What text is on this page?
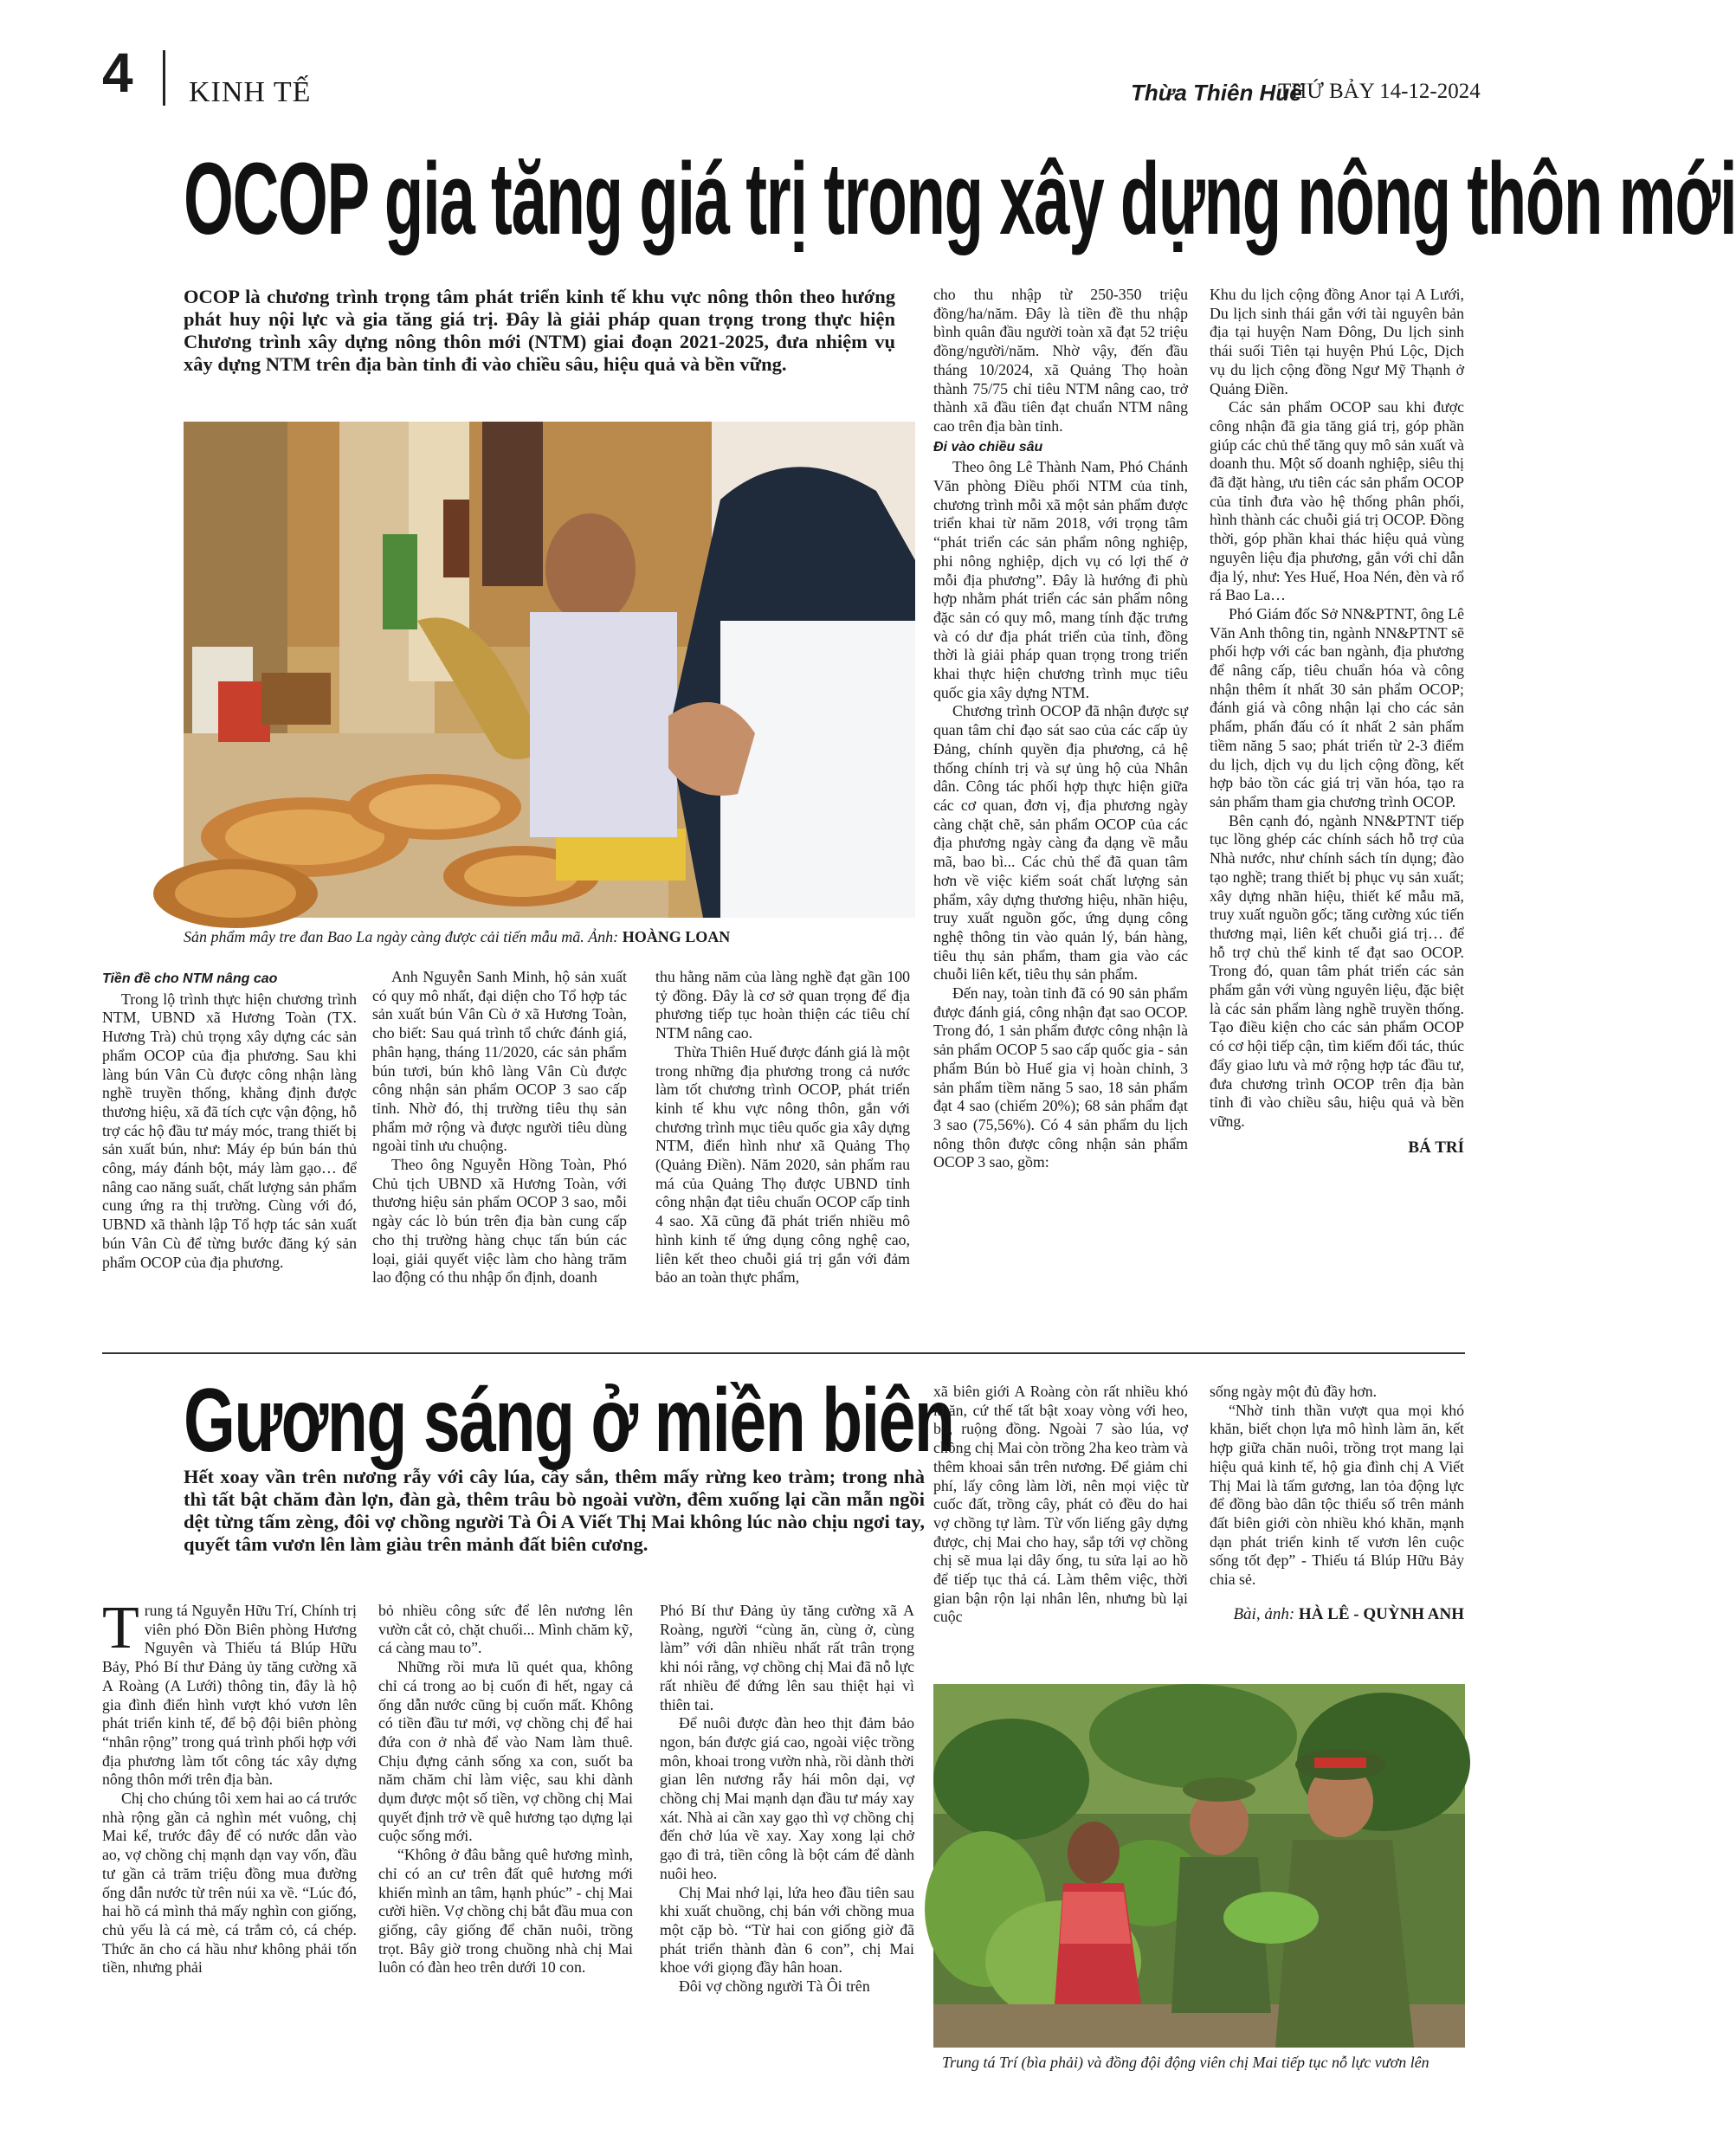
4 KINH TẾ	Thừa Thiên Huế
THỨ BẢY 14-12-2024
OCOP gia tăng giá trị trong xây dựng nông thôn mới
OCOP là chương trình trọng tâm phát triển kinh tế khu vực nông thôn theo hướng phát huy nội lực và gia tăng giá trị. Đây là giải pháp quan trọng trong thực hiện Chương trình xây dựng nông thôn mới (NTM) giai đoạn 2021-2025, đưa nhiệm vụ xây dựng NTM trên địa bàn tỉnh đi vào chiều sâu, hiệu quả và bền vững.
Sản phẩm mây tre đan Bao La ngày càng được cải tiến mẫu mã. Ảnh: HOÀNG LOAN
Tiền đề cho NTM nâng cao

Trong lộ trình thực hiện chương trình NTM, UBND xã Hương Toàn (TX. Hương Trà) chủ trọng xây dựng các sản phẩm OCOP của địa phương. Sau khi làng bún Vân Cù được công nhận làng nghề truyền thống, khẳng định được thương hiệu, xã đã tích cực vận động, hỗ trợ các hộ đầu tư máy móc, trang thiết bị sản xuất bún, như: Máy ép bún bán thủ công, máy đánh bột, máy làm gạo… để nâng cao năng suất, chất lượng sản phẩm cung ứng ra thị trường. Cùng với đó, UBND xã thành lập Tổ hợp tác sản xuất bún Vân Cù để từng bước đăng ký sản phẩm OCOP của địa phương.

Anh Nguyễn Sanh Minh, hộ sản xuất có quy mô nhất, đại diện cho Tổ hợp tác sản xuất bún Vân Cù ở xã Hương Toàn, cho biết: Sau quá trình tổ chức đánh giá, phân hạng, tháng 11/2020, các sản phẩm bún tươi, bún khô làng Vân Cù được công nhận sản phẩm OCOP 3 sao cấp tỉnh. Nhờ đó, thị trường tiêu thụ sản phẩm mở rộng và được người tiêu dùng ngoài tỉnh ưu chuộng.

Theo ông Nguyễn Hồng Toàn, Phó Chủ tịch UBND xã Hương Toàn, với thương hiệu sản phẩm OCOP 3 sao, mỗi ngày các lò bún trên địa bàn cung cấp cho thị trường hàng chục tấn bún các loại, giải quyết việc làm cho hàng trăm lao động có thu nhập ổn định, doanh

thu hằng năm của làng nghề đạt gần 100 tỷ đồng. Đây là cơ sở quan trọng để địa phương tiếp tục hoàn thiện các tiêu chí NTM nâng cao.

Thừa Thiên Huế được đánh giá là một trong những địa phương trong cả nước làm tốt chương trình OCOP, phát triển kinh tế khu vực nông thôn, gắn với chương trình mục tiêu quốc gia xây dựng NTM, điển hình như xã Quảng Thọ (Quảng Điền). Năm 2020, sản phẩm rau má của Quảng Thọ được UBND tỉnh công nhận đạt tiêu chuẩn OCOP cấp tỉnh 4 sao. Xã cũng đã phát triển nhiều mô hình kinh tế ứng dụng công nghệ cao, liên kết theo chuỗi giá trị gắn với đảm bảo an toàn thực phẩm,

cho thu nhập từ 250-350 triệu đồng/ha/năm. Đây là tiền đề thu nhập bình quân đầu người toàn xã đạt 52 triệu đồng/người/năm. Nhờ vậy, đến đầu tháng 10/2024, xã Quảng Thọ hoàn thành 75/75 chỉ tiêu NTM nâng cao, trở thành xã đầu tiên đạt chuẩn NTM nâng cao trên địa bàn tỉnh.

Đi vào chiều sâu

Theo ông Lê Thành Nam, Phó Chánh Văn phòng Điều phối NTM của tỉnh, chương trình mỗi xã một sản phẩm được triển khai từ năm 2018, với trọng tâm “phát triển các sản phẩm nông nghiệp, phi nông nghiệp, dịch vụ có lợi thế ở mỗi địa phương”. Đây là hướng đi phù hợp nhằm phát triển các sản phẩm nông đặc sản có quy mô, mang tính đặc trưng và có dư địa phát triển của tỉnh, đồng thời là giải pháp quan trọng trong triển khai thực hiện chương trình mục tiêu quốc gia xây dựng NTM.

Chương trình OCOP đã nhận được sự quan tâm chỉ đạo sát sao của các cấp ủy Đảng, chính quyền địa phương, cả hệ thống chính trị và sự ủng hộ của Nhân dân. Công tác phối hợp thực hiện giữa các cơ quan, đơn vị, địa phương ngày càng chặt chẽ, sản phẩm OCOP của các địa phương ngày càng đa dạng về mẫu mã, bao bì... Các chủ thể đã quan tâm hơn về việc kiểm soát chất lượng sản phẩm, xây dựng thương hiệu, nhãn hiệu, truy xuất nguồn gốc, ứng dụng công nghệ thông tin vào quản lý, bán hàng, tiêu thụ sản phẩm, tham gia vào các chuỗi liên kết, tiêu thụ sản phẩm.

Đến nay, toàn tỉnh đã có 90 sản phẩm được đánh giá, công nhận đạt sao OCOP. Trong đó, 1 sản phẩm được công nhận là sản phẩm OCOP 5 sao cấp quốc gia - sản phẩm Bún bò Huế gia vị hoàn chỉnh, 3 sản phẩm tiềm năng 5 sao, 18 sản phẩm đạt 4 sao (chiếm 20%); 68 sản phẩm đạt 3 sao (75,56%). Có 4 sản phẩm du lịch nông thôn được công nhận sản phẩm OCOP 3 sao, gồm:

Khu du lịch cộng đồng Anor tại A Lưới, Du lịch sinh thái gắn với tài nguyên bản địa tại huyện Nam Đông, Du lịch sinh thái suối Tiên tại huyện Phú Lộc, Dịch vụ du lịch cộng đồng Ngư Mỹ Thạnh ở Quảng Điền.

Các sản phẩm OCOP sau khi được công nhận đã gia tăng giá trị, góp phần giúp các chủ thể tăng quy mô sản xuất và doanh thu. Một số doanh nghiệp, siêu thị đã đặt hàng, ưu tiên các sản phẩm OCOP của tỉnh đưa vào hệ thống phân phối, hình thành các chuỗi giá trị OCOP. Đồng thời, góp phần khai thác hiệu quả vùng nguyên liệu địa phương, gắn với chỉ dẫn địa lý, như: Yes Huế, Hoa Nén, đèn và rổ rá Bao La…

Phó Giám đốc Sở NN&PTNT, ông Lê Văn Anh thông tin, ngành NN&PTNT sẽ phối hợp với các ban ngành, địa phương để nâng cấp, tiêu chuẩn hóa và công nhận thêm ít nhất 30 sản phẩm OCOP; đánh giá và công nhận lại cho các sản phẩm, phấn đấu có ít nhất 2 sản phẩm tiềm năng 5 sao; phát triển từ 2-3 điểm du lịch, dịch vụ du lịch cộng đồng, kết hợp bảo tồn các giá trị văn hóa, tạo ra sản phẩm tham gia chương trình OCOP.

Bên cạnh đó, ngành NN&PTNT tiếp tục lồng ghép các chính sách hỗ trợ của Nhà nước, như chính sách tín dụng; đào tạo nghề; trang thiết bị phục vụ sản xuất; xây dựng nhãn hiệu, thiết kế mẫu mã, truy xuất nguồn gốc; tăng cường xúc tiến thương mại, liên kết chuỗi giá trị… để hỗ trợ chủ thể kinh tế đạt sao OCOP. Trong đó, quan tâm phát triển các sản phẩm gắn với vùng nguyên liệu, đặc biệt là các sản phẩm làng nghề truyền thống. Tạo điều kiện cho các sản phẩm OCOP có cơ hội tiếp cận, tìm kiếm đối tác, thúc đẩy giao lưu và mở rộng hợp tác đầu tư, đưa chương trình OCOP trên địa bàn tỉnh đi vào chiều sâu, hiệu quả và bền vững.

BÁ TRÍ
Gương sáng ở miền biên
Hết xoay vần trên nương rẫy với cây lúa, cây sắn, thêm mấy rừng keo tràm; trong nhà thì tất bật chăm đàn lợn, đàn gà, thêm trâu bò ngoài vườn, đêm xuống lại cần mẫn ngồi dệt từng tấm zèng, đôi vợ chồng người Tà Ôi A Viết Thị Mai không lúc nào chịu ngơi tay, quyết tâm vươn lên làm giàu trên mảnh đất biên cương.

Trung tá Nguyễn Hữu Trí, Chính trị viên phó Đồn Biên phòng Hương Nguyên và Thiếu tá Blúp Hữu Bảy, Phó Bí thư Đảng ủy tăng cường xã A Roàng (A Lưới) thông tin, đây là hộ gia đình điển hình vượt khó vươn lên phát triển kinh tế, để bộ đội biên phòng “nhân rộng” trong quá trình phối hợp với địa phương làm tốt công tác xây dựng nông thôn mới trên địa bàn.

Chị cho chúng tôi xem hai ao cá trước nhà rộng gần cả nghìn mét vuông, chị Mai kể, trước đây để có nước dẫn vào ao, vợ chồng chị mạnh dạn vay vốn, đầu tư gần cả trăm triệu đồng mua đường ống dẫn nước từ trên núi xa về. “Lúc đó, hai hồ cá mình thả mấy nghìn con giống, chủ yếu là cá mè, cá trắm cỏ, cá chép. Thức ăn cho cá hầu như không phải tốn tiền, nhưng phải

bỏ nhiều công sức để lên nương lên vườn cắt cỏ, chặt chuối... Mình chăm kỹ, cá càng mau to”.

Những rồi mưa lũ quét qua, không chỉ cá trong ao bị cuốn đi hết, ngay cả ống dẫn nước cũng bị cuốn mất. Không có tiền đầu tư mới, vợ chồng chị để hai đứa con ở nhà để vào Nam làm thuê. Chịu đựng cảnh sống xa con, suốt ba năm chăm chỉ làm việc, sau khi dành dụm được một số tiền, vợ chồng chị Mai quyết định trở về quê hương tạo dựng lại cuộc sống mới.

“Không ở đâu bằng quê hương mình, chỉ có an cư trên đất quê hương mới khiến mình an tâm, hạnh phúc” - chị Mai cười hiền. Vợ chồng chị bắt đầu mua con giống, cây giống để chăn nuôi, trồng trọt. Bây giờ trong chuồng nhà chị Mai luôn có đàn heo trên dưới 10 con.

Phó Bí thư Đảng ủy tăng cường xã A Roàng, người “cùng ăn, cùng ở, cùng làm” với dân nhiều nhất rất trân trọng khi nói rằng, vợ chồng chị Mai đã nỗ lực rất nhiều để đứng lên sau thiệt hại vì thiên tai.

Để nuôi được đàn heo thịt đảm bảo ngon, bán được giá cao, ngoài việc trồng môn, khoai trong vườn nhà, rồi dành thời gian lên nương rẫy hái môn dại, vợ chồng chị Mai mạnh dạn đầu tư máy xay xát. Nhà ai cần xay gạo thì vợ chồng chị đến chở lúa về xay. Xay xong lại chở gạo đi trả, tiền công là bột cám để dành nuôi heo.

Chị Mai nhớ lại, lứa heo đầu tiên sau khi xuất chuồng, chị bán với chồng mua một cặp bò. “Từ hai con giống giờ đã phát triển thành đàn 6 con”, chị Mai khoe với giọng đầy hân hoan.

Đôi vợ chồng người Tà Ôi trên

xã biên giới A Roàng còn rất nhiều khó khăn, cứ thế tất bật xoay vòng với heo, bò, ruộng đồng. Ngoài 7 sào lúa, vợ chồng chị Mai còn trồng 2ha keo tràm và thêm khoai sắn trên nương. Để giảm chi phí, lấy công làm lời, nên mọi việc từ cuốc đất, trồng cây, phát cỏ đều do hai vợ chồng tự làm. Từ vốn liếng gây dựng được, chị Mai cho hay, sắp tới vợ chồng chị sẽ mua lại dây ống, tu sửa lại ao hồ để tiếp tục thả cá. Làm thêm việc, thời gian bận rộn lại nhân lên, nhưng bù lại cuộc

sống ngày một đủ đầy hơn.

“Nhờ tinh thần vượt qua mọi khó khăn, biết chọn lựa mô hình làm ăn, kết hợp giữa chăn nuôi, trồng trọt mang lại hiệu quả kinh tế, hộ gia đình chị A Viết Thị Mai là tấm gương, lan tỏa động lực để đồng bào dân tộc thiểu số trên mảnh đất biên giới còn nhiều khó khăn, mạnh dạn phát triển kinh tế vươn lên cuộc sống tốt đẹp” - Thiếu tá Blúp Hữu Bảy chia sẻ.

Bài, ảnh: HÀ LÊ - QUỲNH ANH
Trung tá Trí (bìa phải) và đồng đội động viên chị Mai tiếp tục nỗ lực vươn lên
